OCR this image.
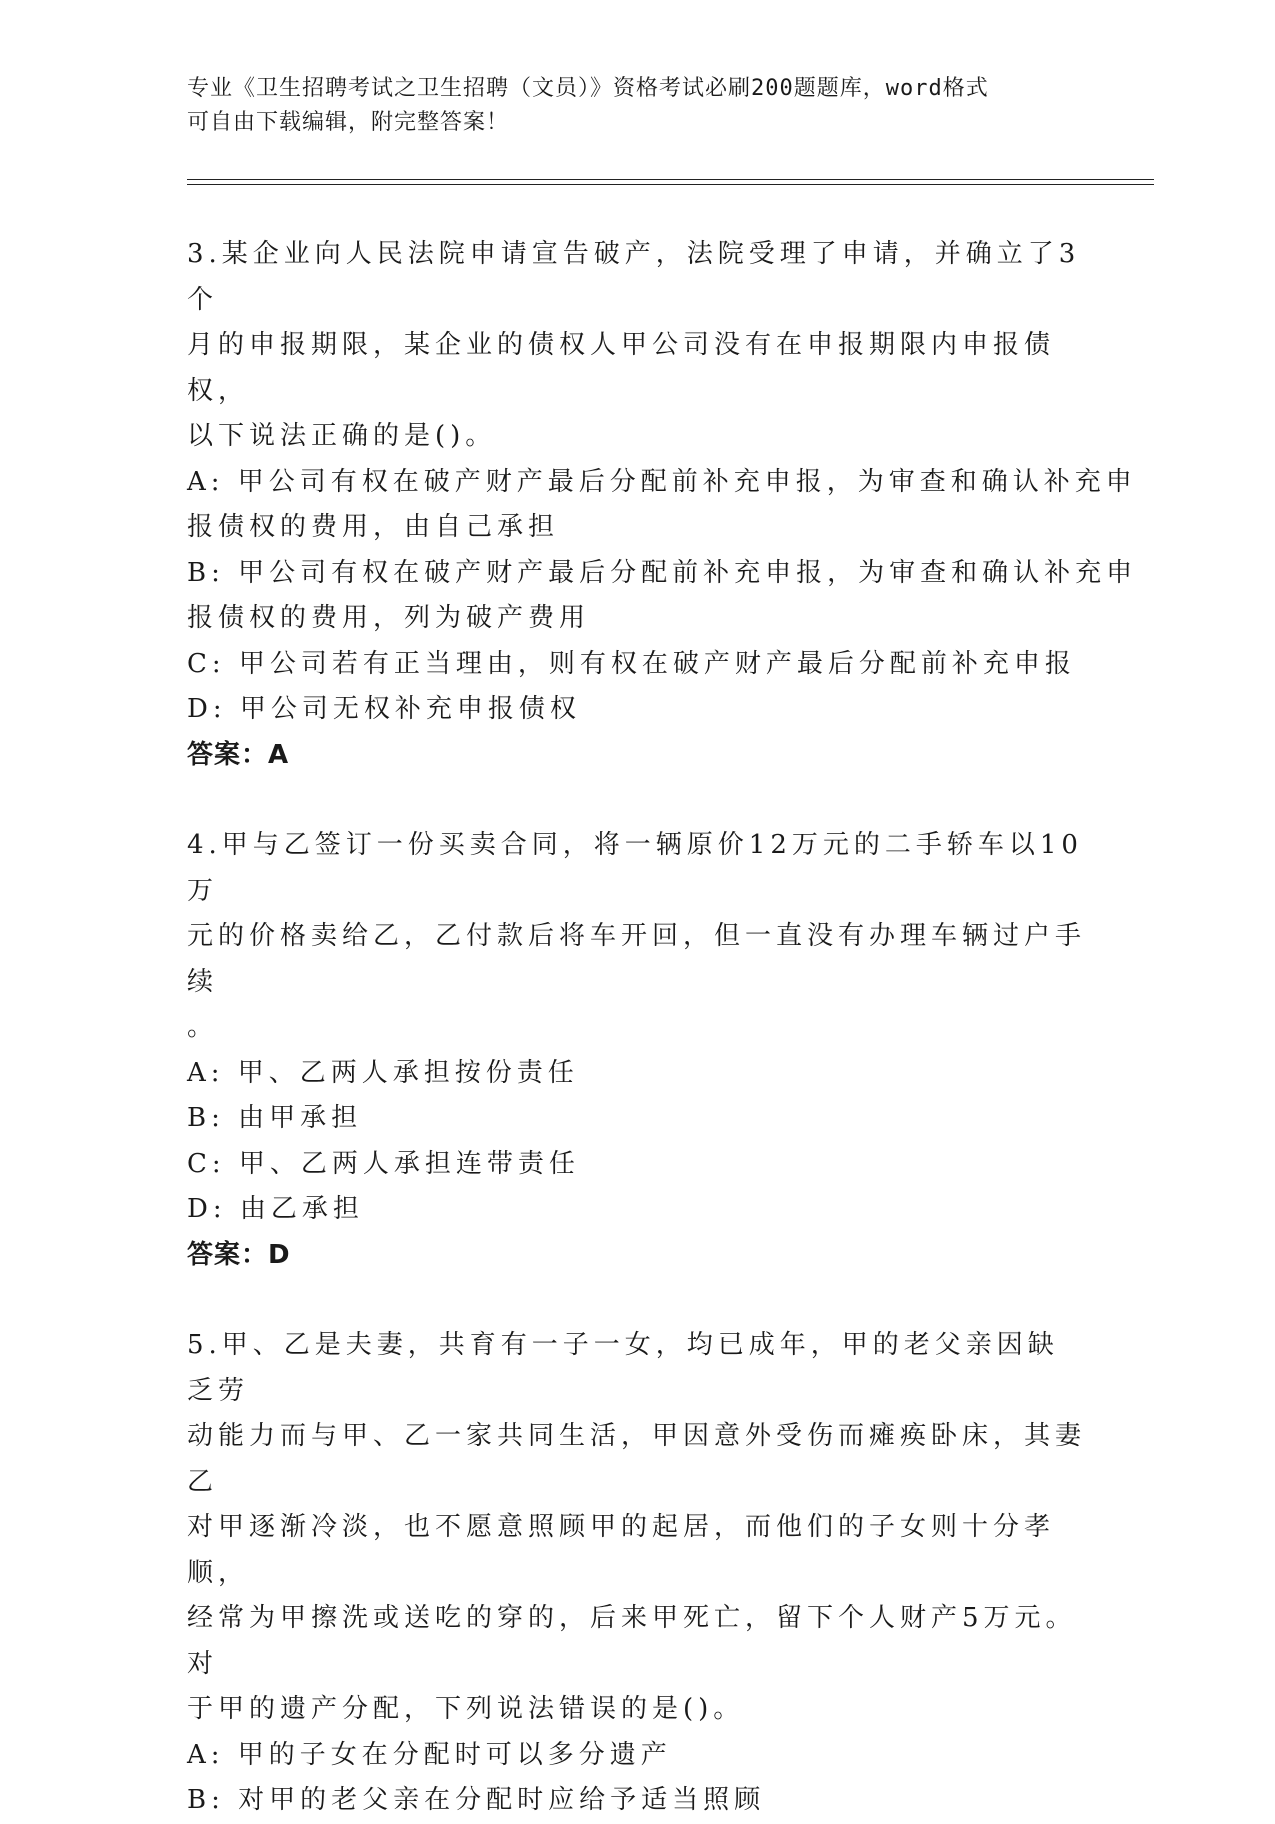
专业《卫生招聘考试之卫生招聘（文员）》资格考试必刷200题题库，word格式
可自由下载编辑，附完整答案！
3.某企业向人民法院申请宣告破产，法院受理了申请，并确立了3个
月的申报期限，某企业的债权人甲公司没有在申报期限内申报债权，
以下说法正确的是()。
A: 甲公司有权在破产财产最后分配前补充申报，为审查和确认补充申
报债权的费用，由自己承担
B: 甲公司有权在破产财产最后分配前补充申报，为审查和确认补充申
报债权的费用，列为破产费用
C: 甲公司若有正当理由，则有权在破产财产最后分配前补充申报
D: 甲公司无权补充申报债权
答案：A
4.甲与乙签订一份买卖合同，将一辆原价12万元的二手轿车以10万
元的价格卖给乙，乙付款后将车开回，但一直没有办理车辆过户手续
。
A: 甲、乙两人承担按份责任
B: 由甲承担
C: 甲、乙两人承担连带责任
D: 由乙承担
答案：D
5.甲、乙是夫妻，共育有一子一女，均已成年，甲的老父亲因缺乏劳
动能力而与甲、乙一家共同生活，甲因意外受伤而瘫痪卧床，其妻乙
对甲逐渐冷淡，也不愿意照顾甲的起居，而他们的子女则十分孝顺，
经常为甲擦洗或送吃的穿的，后来甲死亡，留下个人财产5万元。对
于甲的遗产分配，下列说法错误的是()。
A: 甲的子女在分配时可以多分遗产
B: 对甲的老父亲在分配时应给予适当照顾
